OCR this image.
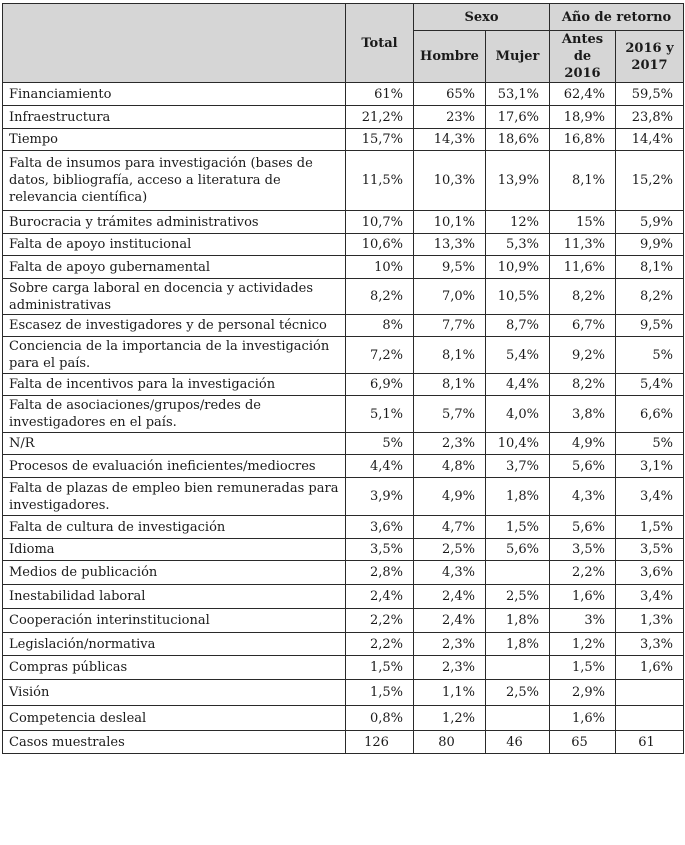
	Total	Sexo		Año de retorno	
		Hombre	Mujer	Antes de 2016	2016 y 2017
Financiamiento	61%	65%	53,1%	62,4%	59,5%
Infraestructura	21,2%	23%	17,6%	18,9%	23,8%
Tiempo	15,7%	14,3%	18,6%	16,8%	14,4%
Falta de insumos para investigación (bases de datos, bibliografía, acceso a literatura de relevancia científica)	11,5%	10,3%	13,9%	8,1%	15,2%
Burocracia y trámites administrativos	10,7%	10,1%	12%	15%	5,9%
Falta de apoyo institucional	10,6%	13,3%	5,3%	11,3%	9,9%
Falta de apoyo gubernamental	10%	9,5%	10,9%	11,6%	8,1%
Sobre carga laboral en docencia y actividades administrativas	8,2%	7,0%	10,5%	8,2%	8,2%
Escasez de investigadores y de personal técnico	8%	7,7%	8,7%	6,7%	9,5%
Conciencia de la importancia de la investigación para el país.	7,2%	8,1%	5,4%	9,2%	5%
Falta de incentivos para la investigación	6,9%	8,1%	4,4%	8,2%	5,4%
Falta de asociaciones/grupos/redes de investigadores en el país.	5,1%	5,7%	4,0%	3,8%	6,6%
N/R	5%	2,3%	10,4%	4,9%	5%
Procesos de evaluación ineficientes/mediocres	4,4%	4,8%	3,7%	5,6%	3,1%
Falta de plazas de empleo bien remuneradas para investigadores.	3,9%	4,9%	1,8%	4,3%	3,4%
Falta de cultura de investigación	3,6%	4,7%	1,5%	5,6%	1,5%
Idioma	3,5%	2,5%	5,6%	3,5%	3,5%
Medios de publicación	2,8%	4,3%		2,2%	3,6%
Inestabilidad laboral	2,4%	2,4%	2,5%	1,6%	3,4%
Cooperación interinstitucional	2,2%	2,4%	1,8%	3%	1,3%
Legislación/normativa	2,2%	2,3%	1,8%	1,2%	3,3%
Compras públicas	1,5%	2,3%		1,5%	1,6%
Visión	1,5%	1,1%	2,5%	2,9%	
Competencia desleal	0,8%	1,2%		1,6%	
Casos muestrales	126	80	46	65	61
